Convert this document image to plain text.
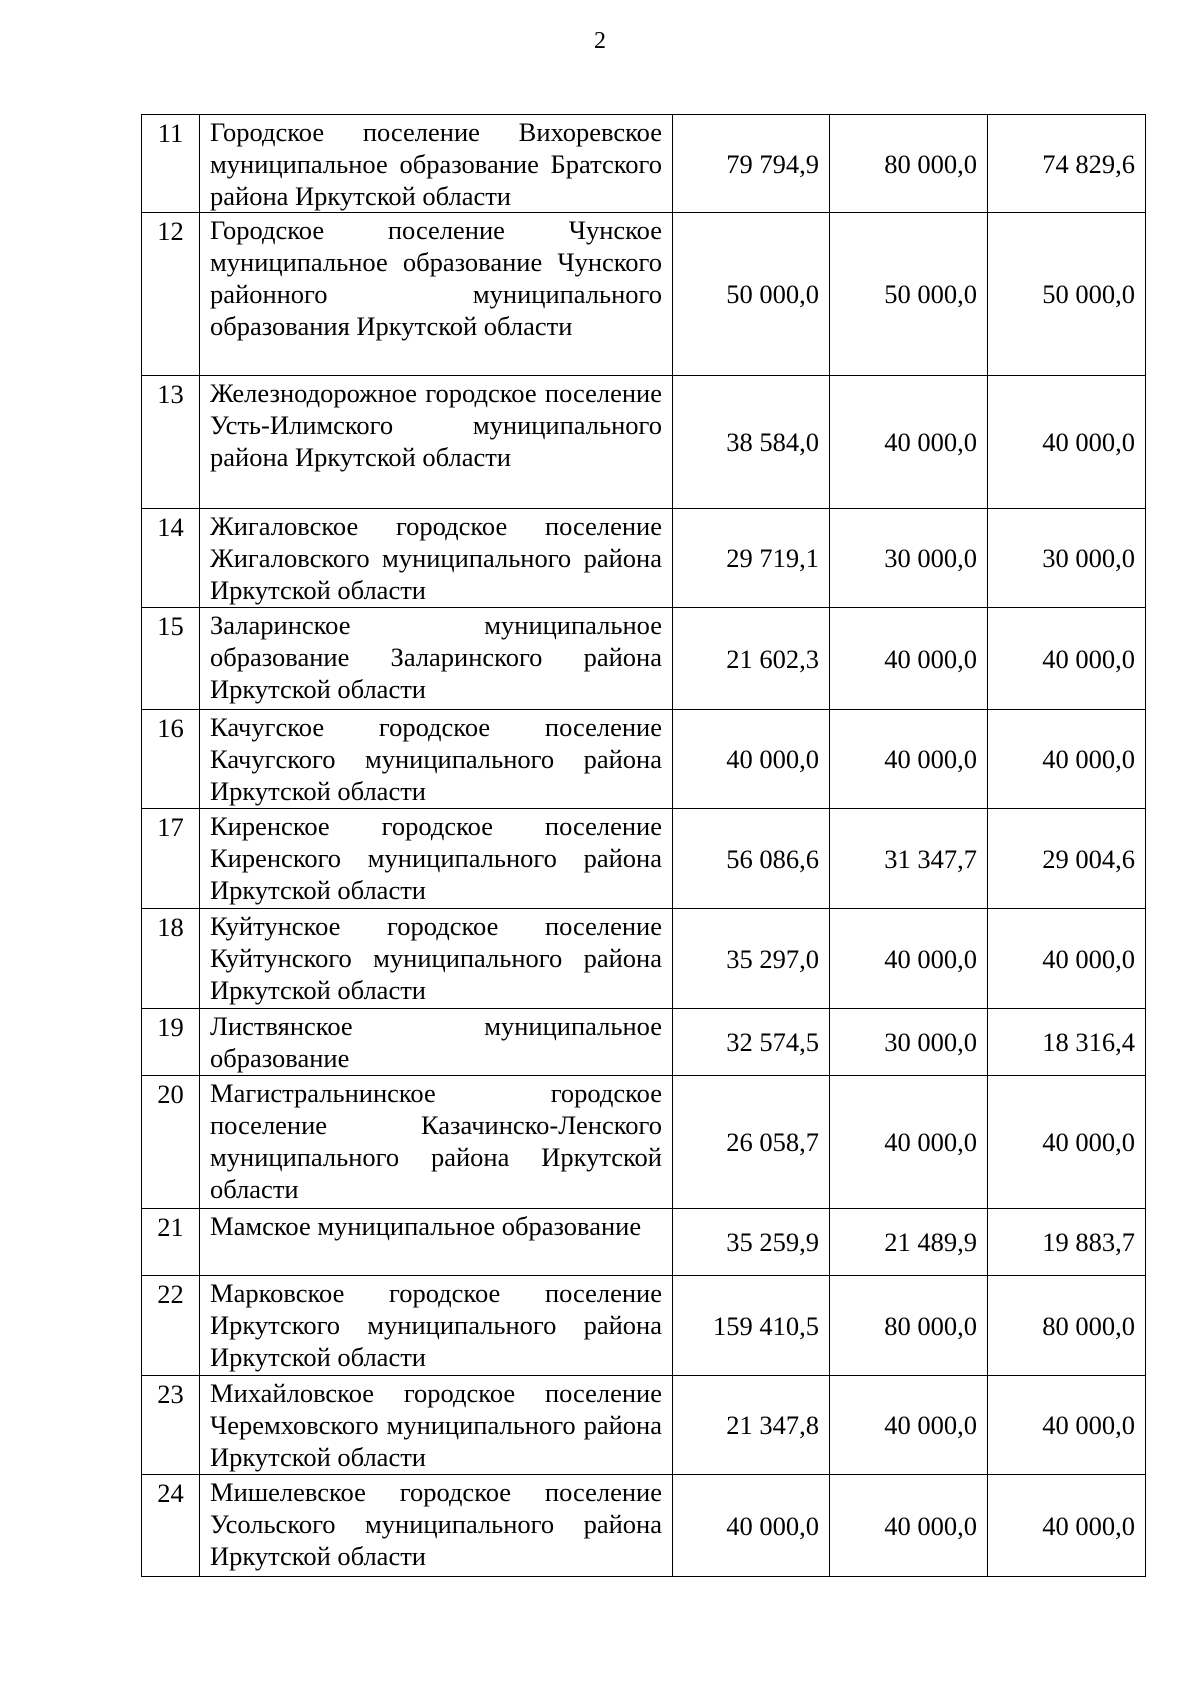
2
11	Городское поселение Вихоревское муниципальное образование Братского района Иркутской области	79 794,9	80 000,0	74 829,6
12	Городское поселение Чунское муниципальное образование Чунского районного муниципального образования Иркутской области	50 000,0	50 000,0	50 000,0
13	Железнодорожное городское поселение Усть-Илимского муниципального района Иркутской области	38 584,0	40 000,0	40 000,0
14	Жигаловское городское поселение Жигаловского муниципального района Иркутской области	29 719,1	30 000,0	30 000,0
15	Заларинское муниципальное образование Заларинского района Иркутской области	21 602,3	40 000,0	40 000,0
16	Качугское городское поселение Качугского муниципального района Иркутской области	40 000,0	40 000,0	40 000,0
17	Киренское городское поселение Киренского муниципального района Иркутской области	56 086,6	31 347,7	29 004,6
18	Куйтунское городское поселение Куйтунского муниципального района Иркутской области	35 297,0	40 000,0	40 000,0
19	Листвянское муниципальное образование	32 574,5	30 000,0	18 316,4
20	Магистральнинское городское поселение Казачинско-Ленского муниципального района Иркутской области	26 058,7	40 000,0	40 000,0
21	Мамское муниципальное образование	35 259,9	21 489,9	19 883,7
22	Марковское городское поселение Иркутского муниципального района Иркутской области	159 410,5	80 000,0	80 000,0
23	Михайловское городское поселение Черемховского муниципального района Иркутской области	21 347,8	40 000,0	40 000,0
24	Мишелевское городское поселение Усольского муниципального района Иркутской области	40 000,0	40 000,0	40 000,0
